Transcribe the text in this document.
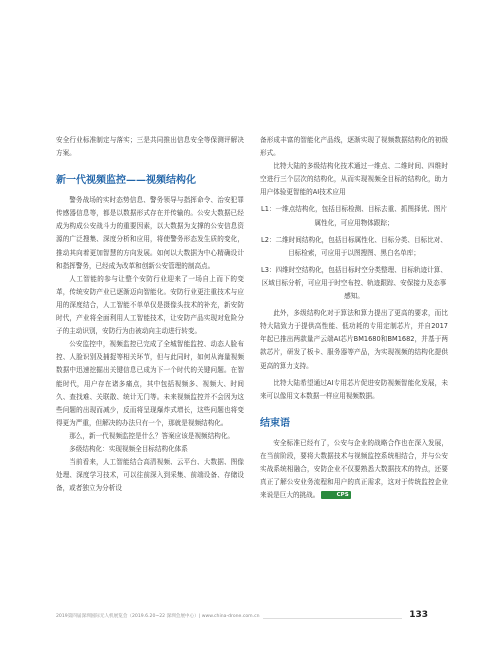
安全行业标准制定与落实；三是共同推出信息安全等保测评解决方案。

新一代视频监控——视频结构化

警务战场的实时态势信息、警务领导与指挥命令、治安犯罪传感器信息等，都是以数据形式存在并传输的。公安大数据已经成为构成公安战斗力的重要因素，以大数据为支撑的公安信息资源的广泛搜集、深度分析和应用，将使警务形态发生质的变化，推动其向着更加智慧的方向发展。如何以大数据为中心精确设计和指挥警务，已经成为改革和创新公安管理的制高点。

人工智能的参与让整个安防行业迎来了一场自上而下的变革，传统安防产业已逐渐迈向智能化。安防行业更注重技术与应用的深度结合，人工智能不单单仅是摄像头技术的补充，新安防时代，产业将全面利用人工智能技术，让安防产品实现对危险分子的主动识别，安防行为由被动向主动进行转变。

公安监控中，视频监控已完成了全城智能监控、动态人脸布控、人脸识别及捕捉等相关环节，但与此同时，如何从海量视频数据中迅速挖掘出关键信息已成为下一个时代的关键问题。在智能时代，用户存在诸多痛点，其中包括视频多、视频大、时间久、查找难、关联散、统计无门等。未来视频监控并不会因为这些问题的出现而减少，反而将呈现爆炸式增长，这些问题也将变得更为严重，但解决的办法只有一个，那就是视频结构化。

那么，新一代视频监控是什么？答案应该是视频结构化。

多级结构化：实现视频全目标结构化体系

当前看来，人工智能结合高清视频、云平台、大数据、图像处理、深度学习技术，可以往前深入到采集、前端设备、存储设备，或者独立为分析设

备形成丰富的智能化产品线，逐渐实现了视频数据结构化的初级形式。

比特大陆的多级结构化技术通过一维点、二维时间、四维时空进行三个层次的结构化，从而实现视频全目标的结构化，助力用户体验更智能的AI技术应用

L1：一维点结构化，包括目标检测、目标去重、抓图择优、图片属性化，可应用物体跟踪；

L2：二维时间结构化，包括目标属性化、目标分类、目标比对、目标检索，可应用于以图搜图、黑白名单库；

L3：四维时空结构化，包括目标时空分类整理、目标轨迹计算、区域目标分析，可应用于时空布控、轨迹跟踪、安保接力及态事感知。

此外，多级结构化对于算法和算力提出了更高的要求，而比特大陆致力于提供高性能、低功耗的专用定制芯片，并自2017年起已推出两款量产云端AI芯片BM1680和BM1682，并基于两款芯片，研发了板卡、服务器等产品，为实现视频的结构化提供更高的算力支持。

比特大陆希望通过AI专用芯片促进安防视频智能化发展，未来可以像用文本数据一样应用视频数据。

结束语

安全标准已经有了，公安与企业的战略合作也在深入发展，在当前阶段，要将大数据技术与视频监控系统相结合，并与公安实战系统相融合，安防企业不仅要熟悉大数据技术的特点，还要真正了解公安业务流程和用户的真正需求，这对于传统监控企业来说是巨大的挑战。	CPS

2019第四届深圳国际无人机展览会（2019.6.20~22 深圳会展中心）| www.china-drone.com.cn	133
